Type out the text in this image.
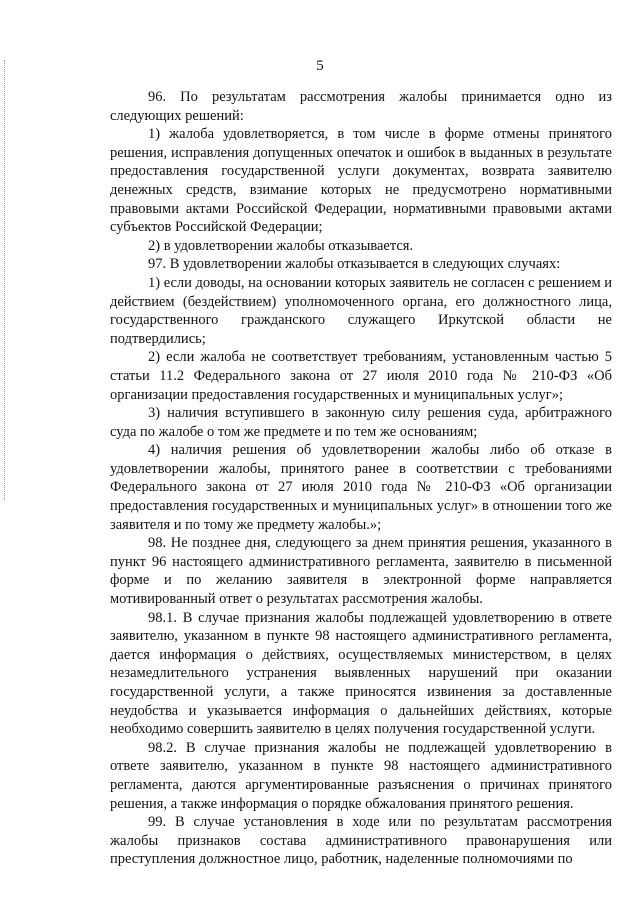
5

96. По результатам рассмотрения жалобы принимается одно из следующих решений:

1) жалоба удовлетворяется, в том числе в форме отмены принятого решения, исправления допущенных опечаток и ошибок в выданных в результате предоставления государственной услуги документах, возврата заявителю денежных средств, взимание которых не предусмотрено нормативными правовыми актами Российской Федерации, нормативными правовыми актами субъектов Российской Федерации;

2) в удовлетворении жалобы отказывается.

97. В удовлетворении жалобы отказывается в следующих случаях:

1) если доводы, на основании которых заявитель не согласен с решением и действием (бездействием) уполномоченного органа, его должностного лица, государственного гражданского служащего Иркутской области не подтвердились;

2) если жалоба не соответствует требованиям, установленным частью 5 статьи 11.2 Федерального закона от 27 июля 2010 года № 210-ФЗ «Об организации предоставления государственных и муниципальных услуг»;

3) наличия вступившего в законную силу решения суда, арбитражного суда по жалобе о том же предмете и по тем же основаниям;

4) наличия решения об удовлетворении жалобы либо об отказе в удовлетворении жалобы, принятого ранее в соответствии с требованиями Федерального закона от 27 июля 2010 года № 210-ФЗ «Об организации предоставления государственных и муниципальных услуг» в отношении того же заявителя и по тому же предмету жалобы.»;

98. Не позднее дня, следующего за днем принятия решения, указанного в пункт 96 настоящего административного регламента, заявителю в письменной форме и по желанию заявителя в электронной форме направляется мотивированный ответ о результатах рассмотрения жалобы.

98.1. В случае признания жалобы подлежащей удовлетворению в ответе заявителю, указанном в пункте 98 настоящего административного регламента, дается информация о действиях, осуществляемых министерством, в целях незамедлительного устранения выявленных нарушений при оказании государственной услуги, а также приносятся извинения за доставленные неудобства и указывается информация о дальнейших действиях, которые необходимо совершить заявителю в целях получения государственной услуги.

98.2. В случае признания жалобы не подлежащей удовлетворению в ответе заявителю, указанном в пункте 98 настоящего административного регламента, даются аргументированные разъяснения о причинах принятого решения, а также информация о порядке обжалования принятого решения.

99. В случае установления в ходе или по результатам рассмотрения жалобы признаков состава административного правонарушения или преступления должностное лицо, работник, наделенные полномочиями по
